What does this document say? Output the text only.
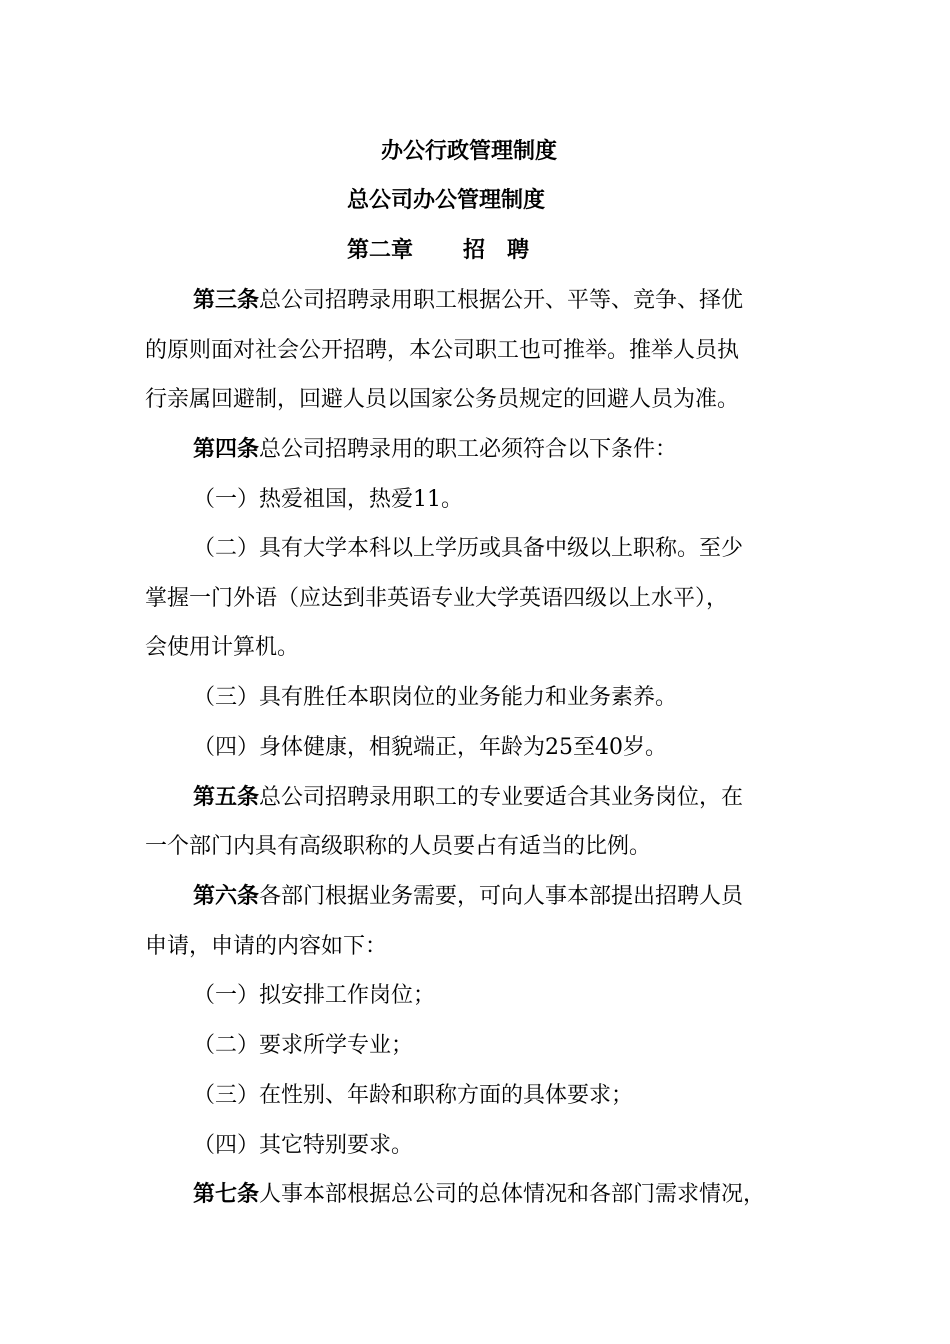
办公行政管理制度
总公司办公管理制度
第二章 招 聘
第三条总公司招聘录用职工根据公开、平等、竞争、择优
的原则面对社会公开招聘，本公司职工也可推举。推举人员执
行亲属回避制，回避人员以国家公务员规定的回避人员为准。
第四条总公司招聘录用的职工必须符合以下条件：
（一）热爱祖国，热爱11。
（二）具有大学本科以上学历或具备中级以上职称。至少
掌握一门外语（应达到非英语专业大学英语四级以上水平），
会使用计算机。
（三）具有胜任本职岗位的业务能力和业务素养。
（四）身体健康，相貌端正，年龄为25至40岁。
第五条总公司招聘录用职工的专业要适合其业务岗位，在
一个部门内具有高级职称的人员要占有适当的比例。
第六条各部门根据业务需要，可向人事本部提出招聘人员
申请，申请的内容如下：
（一）拟安排工作岗位；
（二）要求所学专业；
（三）在性别、年龄和职称方面的具体要求；
（四）其它特别要求。
第七条人事本部根据总公司的总体情况和各部门需求情况，
